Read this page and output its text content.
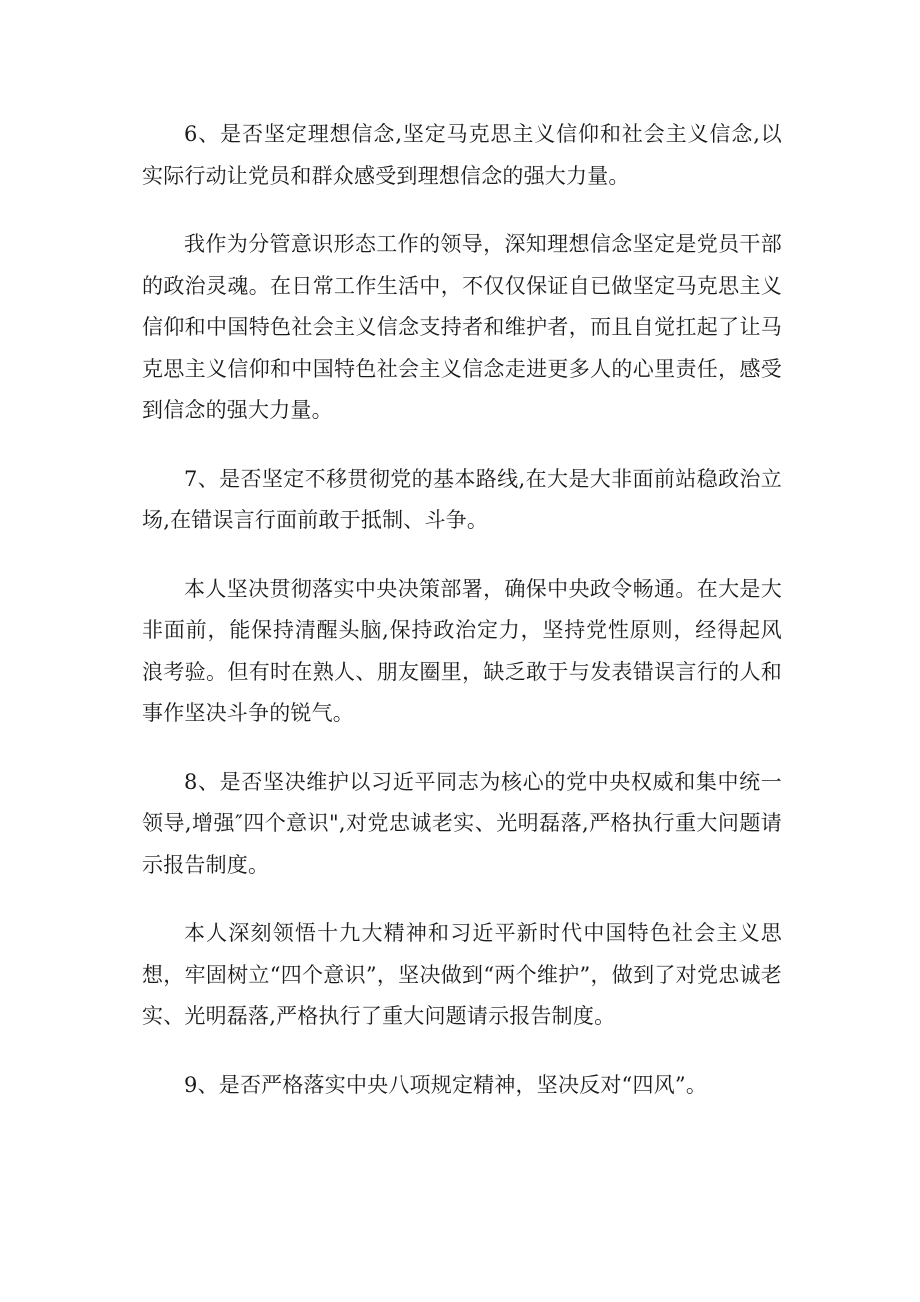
6、是否坚定理想信念,坚定马克思主义信仰和社会主义信念,以实际行动让党员和群众感受到理想信念的强大力量。

我作为分管意识形态工作的领导，深知理想信念坚定是党员干部的政治灵魂。在日常工作生活中，不仅仅保证自已做坚定马克思主义信仰和中国特色社会主义信念支持者和维护者，而且自觉扛起了让马克思主义信仰和中国特色社会主义信念走进更多人的心里责任，感受到信念的强大力量。

7、是否坚定不移贯彻党的基本路线,在大是大非面前站稳政治立场,在错误言行面前敢于抵制、斗争。

本人坚决贯彻落实中央决策部署，确保中央政令畅通。在大是大非面前，能保持清醒头脑,保持政治定力，坚持党性原则，经得起风浪考验。但有时在熟人、朋友圈里，缺乏敢于与发表错误言行的人和事作坚决斗争的锐气。

8、是否坚决维护以习近平同志为核心的党中央权威和集中统一领导,增强″四个意识",对党忠诚老实、光明磊落,严格执行重大问题请示报告制度。

本人深刻领悟十九大精神和习近平新时代中国特色社会主义思想，牢固树立“四个意识”，坚决做到“两个维护”，做到了对党忠诚老实、光明磊落,严格执行了重大问题请示报告制度。

9、是否严格落实中央八项规定精神，坚决反对“四风”。
